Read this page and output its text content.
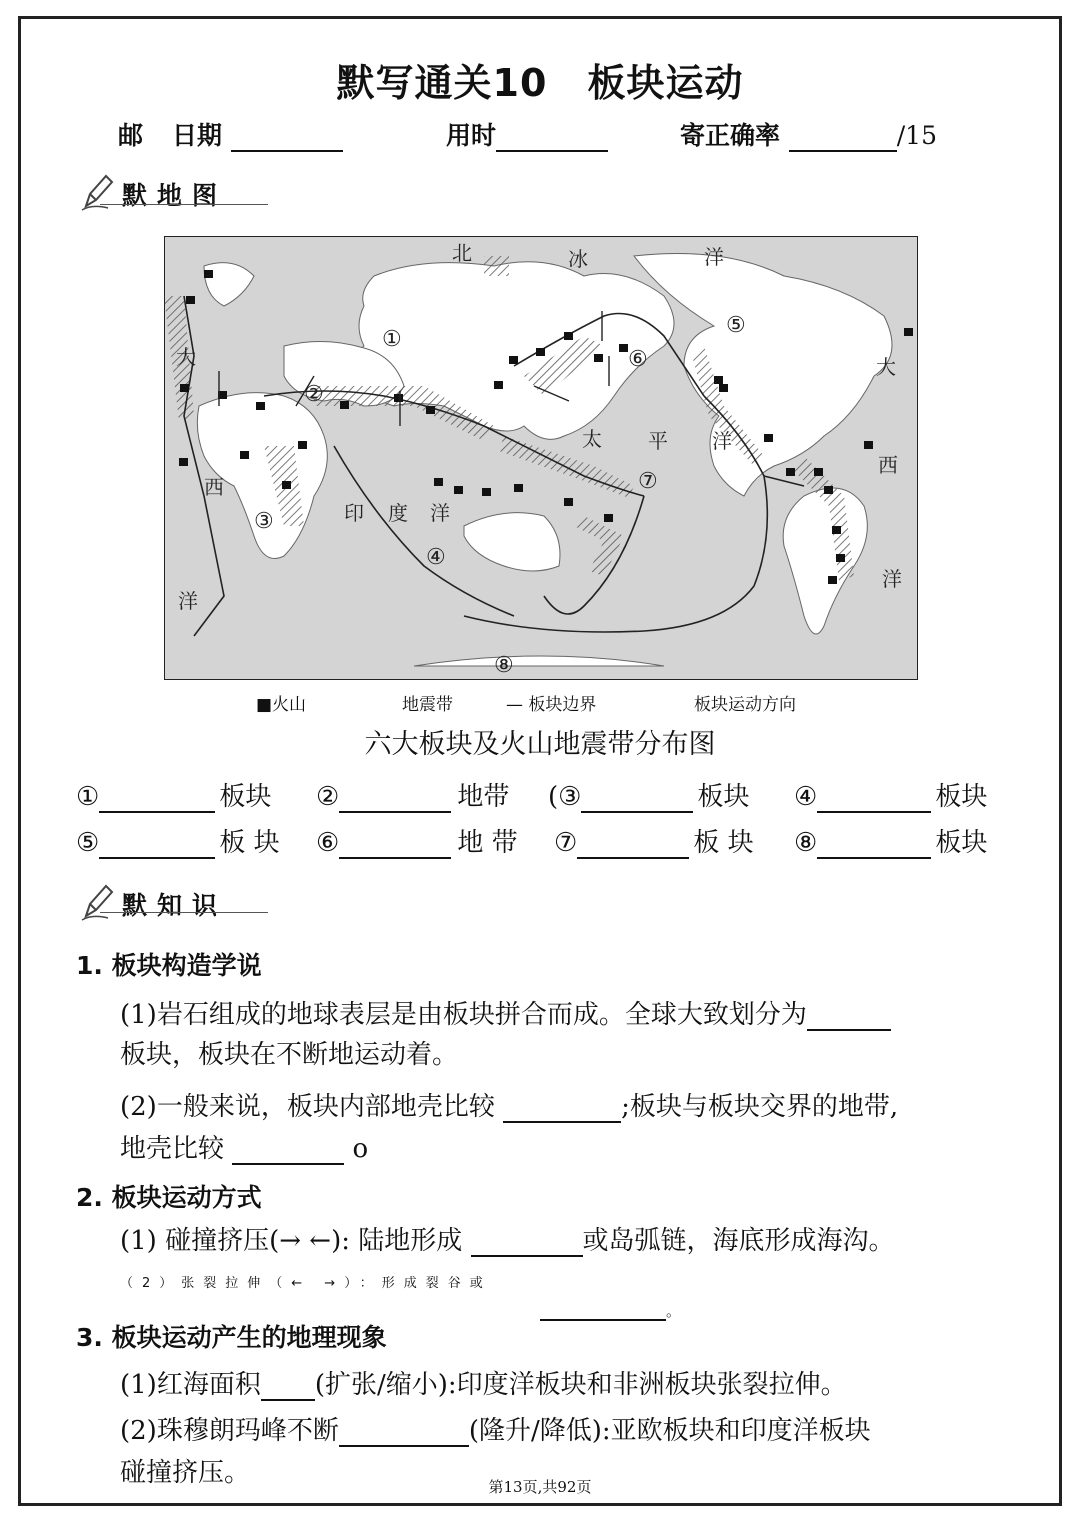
默写通关10 板块运动
邮 日期	用时	寄正确率	/15
默地图
北	冰	洋
大	大
西
西
洋
洋
太 平 洋
印 度 洋
①
②
③
④
⑤
⑥
⑦
⑧
■火山	地震带	— 板块边界	板块运动方向
六大板块及火山地震带分布图
①	板块 ②	地带 (③	板块 ④	板块
⑤	板 块 ⑥	地 带 ⑦	板 块 ⑧	板块
默知识
1. 板块构造学说
(1)岩石组成的地球表层是由板块拼合而成。全球大致划分为
板块，板块在不断地运动着。
(2)一般来说，板块内部地壳比较	;板块与板块交界的地带,
地壳比较	o
2. 板块运动方式
(1) 碰撞挤压(→ ←): 陆地形成	或岛弧链，海底形成海沟。
（2）张裂拉伸（← →）：形成裂谷或
。
3. 板块运动产生的地理现象
(1)红海面积 (扩张/缩小):印度洋板块和非洲板块张裂拉伸。
(2)珠穆朗玛峰不断	(隆升/降低):亚欧板块和印度洋板块
碰撞挤压。	第13页,共92页
